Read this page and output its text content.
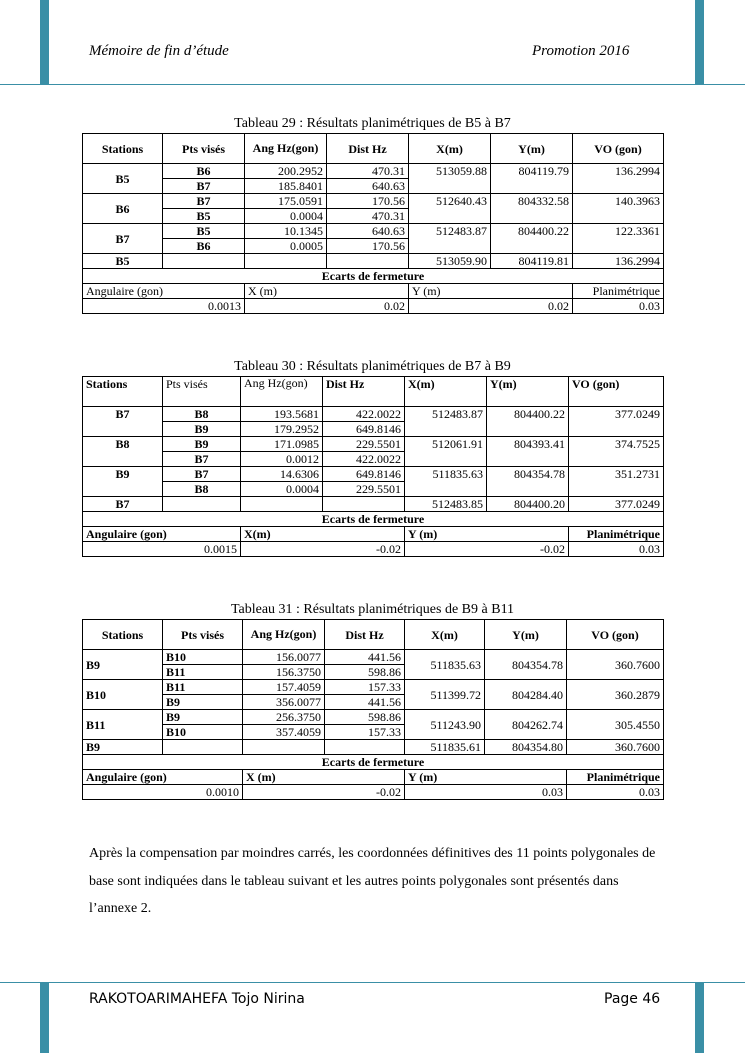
Mémoire de fin d’étude	Promotion 2016
Tableau 29 : Résultats planimétriques de B5 à B7
Stations	Pts visés	Ang Hz(gon)	Dist Hz	X(m)	Y(m)	VO (gon)
B5	B6	200.2952	470.31	513059.88	804119.79	136.2994
	B7	185.8401	640.63			
B6	B7	175.0591	170.56	512640.43	804332.58	140.3963
	B5	0.0004	470.31			
B7	B5	10.1345	640.63	512483.87	804400.22	122.3361
	B6	0.0005	170.56			
B5				513059.90	804119.81	136.2994
Ecarts de fermeture						
Angulaire (gon)		X (m)		Y (m)		Planimétrique
0.0013		0.02		0.02		0.03
Tableau 30 : Résultats planimétriques de B7 à B9
Stations	Pts visés	Ang Hz(gon)	Dist Hz	X(m)	Y(m)	VO (gon)
B7	B8	193.5681	422.0022	512483.87	804400.22	377.0249
	B9	179.2952	649.8146			
B8	B9	171.0985	229.5501	512061.91	804393.41	374.7525
	B7	0.0012	422.0022			
B9	B7	14.6306	649.8146	511835.63	804354.78	351.2731
	B8	0.0004	229.5501			
B7				512483.85	804400.20	377.0249
Ecarts de fermeture						
Angulaire (gon)		X(m)		Y (m)		Planimétrique
0.0015		-0.02		-0.02		0.03
Tableau 31 : Résultats planimétriques de B9 à B11
Stations	Pts visés	Ang Hz(gon)	Dist Hz	X(m)	Y(m)	VO (gon)
B9	B10	156.0077	441.56	511835.63	804354.78	360.7600
	B11	156.3750	598.86			
B10	B11	157.4059	157.33	511399.72	804284.40	360.2879
	B9	356.0077	441.56			
B11	B9	256.3750	598.86	511243.90	804262.74	305.4550
	B10	357.4059	157.33			
B9				511835.61	804354.80	360.7600
Ecarts de fermeture						
Angulaire (gon)		X (m)		Y (m)		Planimétrique
0.0010		-0.02		0.03		0.03
Après la compensation par moindres carrés, les coordonnées définitives des 11 points polygonales de base sont indiquées dans le tableau suivant et les autres points polygonales sont présentés dans l’annexe 2.
RAKOTOARIMAHEFA Tojo Nirina	Page 46
